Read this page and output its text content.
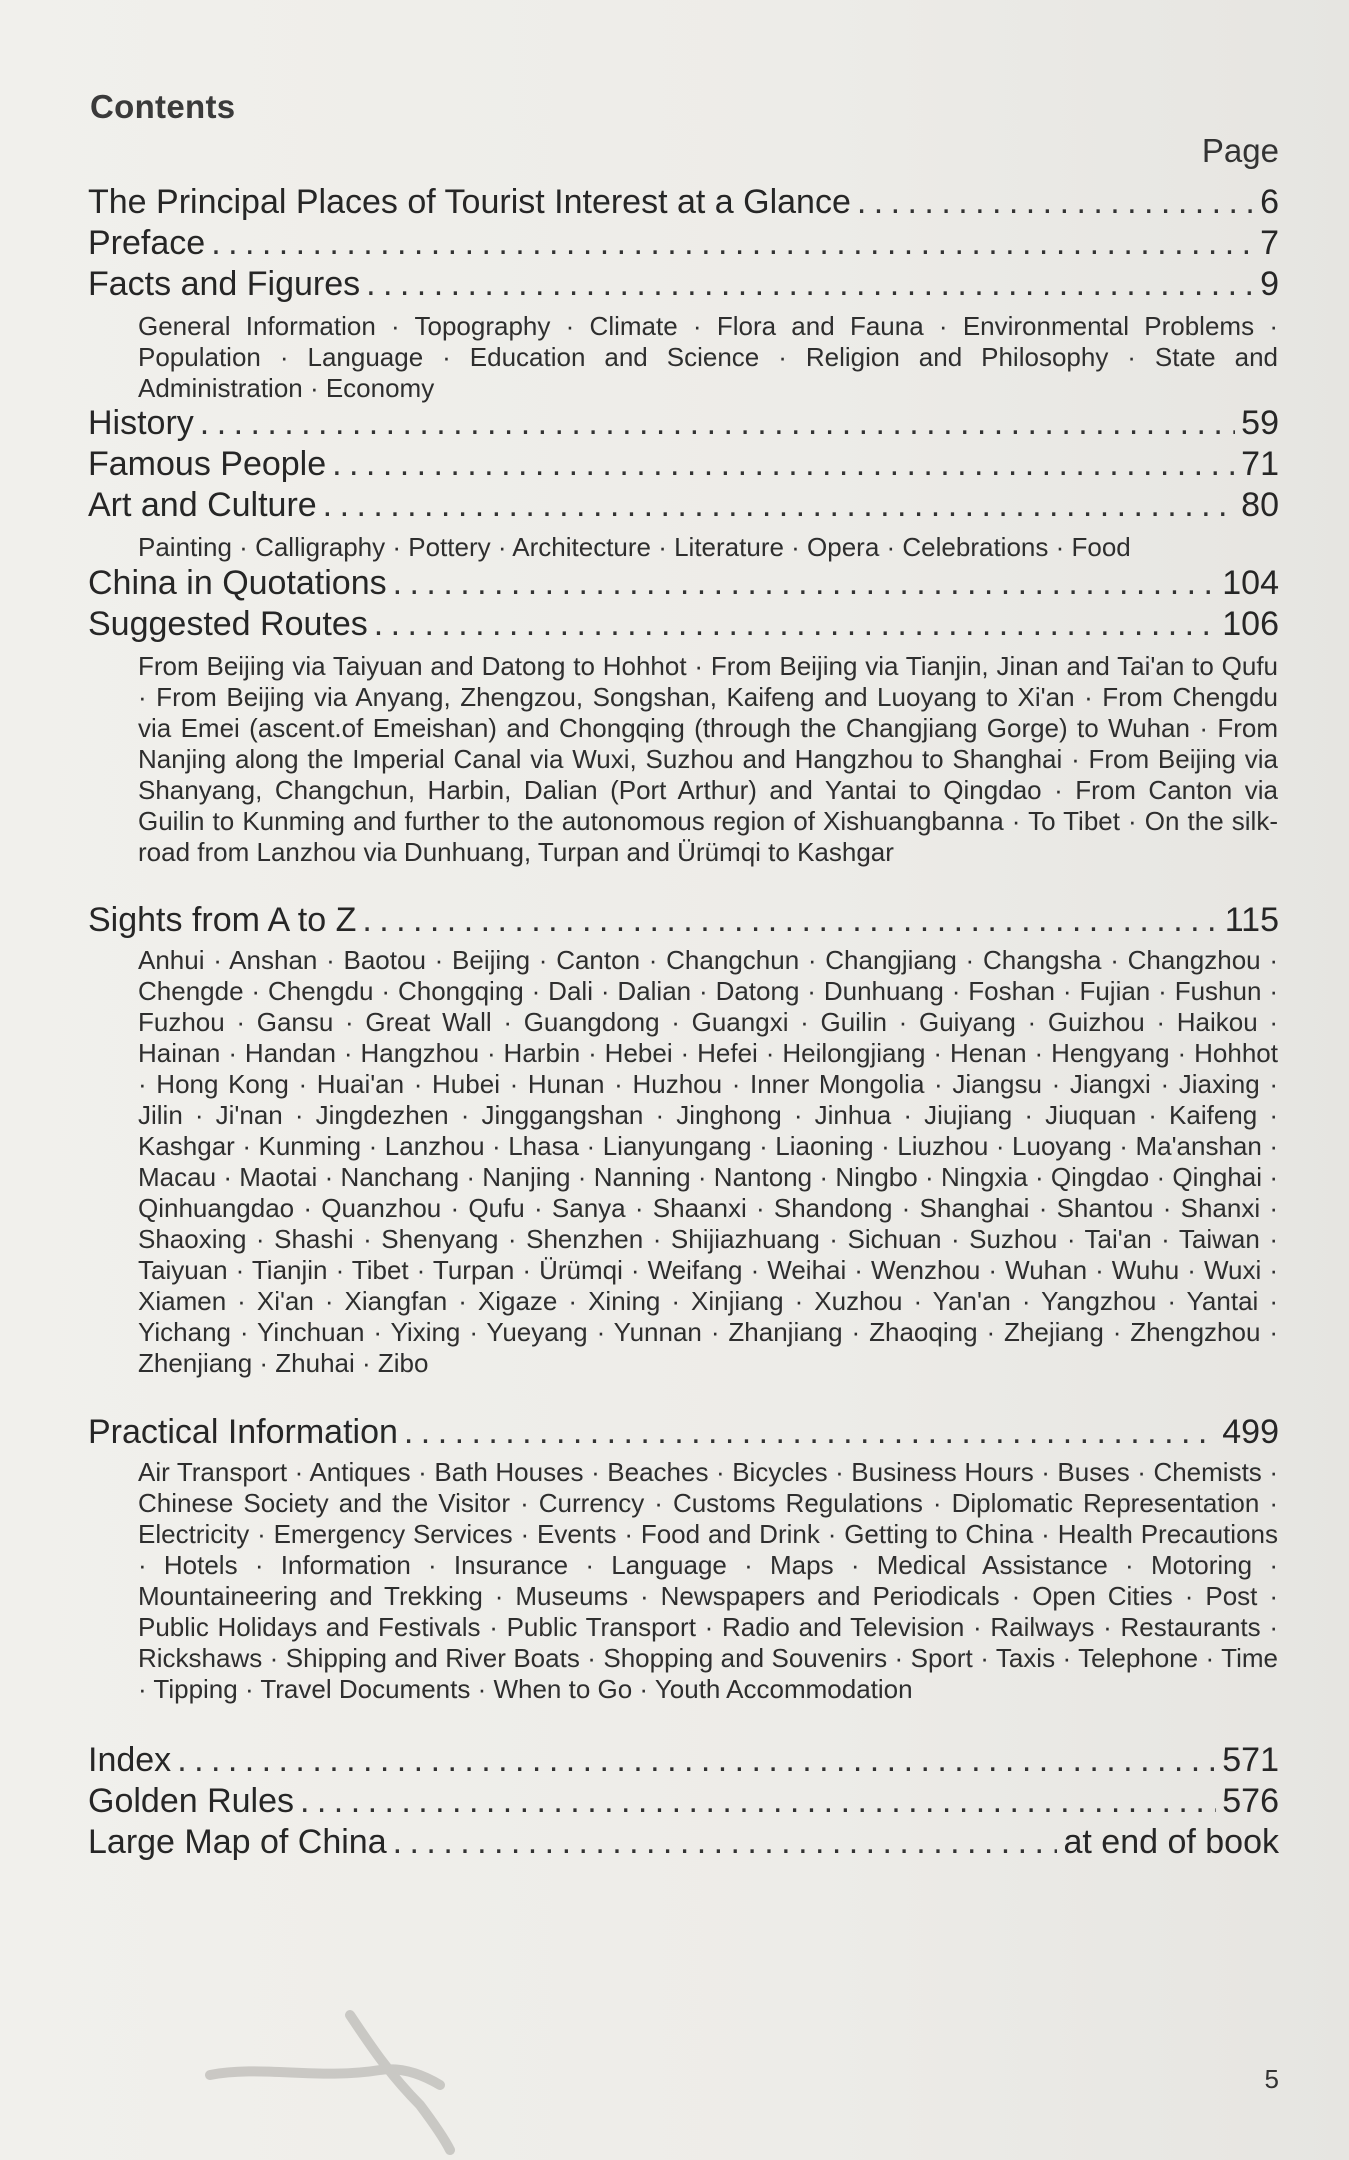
Contents
Page
The Principal Places of Tourist Interest at a Glance . . .	6
Preface . . .	7
Facts and Figures . . .	9
General Information · Topography · Climate · Flora and Fauna · Environmental Problems · Population · Language · Education and Science · Religion and Philosophy · State and Administration · Economy
History . . .	59
Famous People . . .	71
Art and Culture . . .	80
Painting · Calligraphy · Pottery · Architecture · Literature · Opera · Celebrations · Food
China in Quotations . . .	104
Suggested Routes . . .	106
From Beijing via Taiyuan and Datong to Hohhot · From Beijing via Tianjin, Jinan and Tai'an to Qufu · From Beijing via Anyang, Zhengzou, Songshan, Kaifeng and Luoyang to Xi'an · From Chengdu via Emei (ascent.of Emeishan) and Chongqing (through the Changjiang Gorge) to Wuhan · From Nanjing along the Imperial Canal via Wuxi, Suzhou and Hangzhou to Shanghai · From Beijing via Shanyang, Changchun, Harbin, Dalian (Port Arthur) and Yantai to Qingdao · From Canton via Guilin to Kunming and further to the autonomous region of Xishuangbanna · To Tibet · On the silk-road from Lanzhou via Dunhuang, Turpan and Ürümqi to Kashgar
Sights from A to Z . . .	115
Anhui · Anshan · Baotou · Beijing · Canton · Changchun · Changjiang · Changsha · Changzhou · Chengde · Chengdu · Chongqing · Dali · Dalian · Datong · Dunhuang · Foshan · Fujian · Fushun · Fuzhou · Gansu · Great Wall · Guangdong · Guangxi · Guilin · Guiyang · Guizhou · Haikou · Hainan · Handan · Hangzhou · Harbin · Hebei · Hefei · Heilongjiang · Henan · Hengyang · Hohhot · Hong Kong · Huai'an · Hubei · Hunan · Huzhou · Inner Mongolia · Jiangsu · Jiangxi · Jiaxing · Jilin · Ji'nan · Jingdezhen · Jinggangshan · Jinghong · Jinhua · Jiujiang · Jiuquan · Kaifeng · Kashgar · Kunming · Lanzhou · Lhasa · Lianyungang · Liaoning · Liuzhou · Luoyang · Ma'anshan · Macau · Maotai · Nanchang · Nanjing · Nanning · Nantong · Ningbo · Ningxia · Qingdao · Qinghai · Qinhuangdao · Quanzhou · Qufu · Sanya · Shaanxi · Shandong · Shanghai · Shantou · Shanxi · Shaoxing · Shashi · Shenyang · Shenzhen · Shijiazhuang · Sichuan · Suzhou · Tai'an · Taiwan · Taiyuan · Tianjin · Tibet · Turpan · Ürümqi · Weifang · Weihai · Wenzhou · Wuhan · Wuhu · Wuxi · Xiamen · Xi'an · Xiangfan · Xigaze · Xining · Xinjiang · Xuzhou · Yan'an · Yangzhou · Yantai · Yichang · Yinchuan · Yixing · Yueyang · Yunnan · Zhanjiang · Zhaoqing · Zhejiang · Zhengzhou · Zhenjiang · Zhuhai · Zibo
Practical Information . . .	499
Air Transport · Antiques · Bath Houses · Beaches · Bicycles · Business Hours · Buses · Chemists · Chinese Society and the Visitor · Currency · Customs Regulations · Diplomatic Representation · Electricity · Emergency Services · Events · Food and Drink · Getting to China · Health Precautions · Hotels · Information · Insurance · Language · Maps · Medical Assistance · Motoring · Mountaineering and Trekking · Museums · Newspapers and Periodicals · Open Cities · Post · Public Holidays and Festivals · Public Transport · Radio and Television · Railways · Restaurants · Rickshaws · Shipping and River Boats · Shopping and Souvenirs · Sport · Taxis · Telephone · Time · Tipping · Travel Documents · When to Go · Youth Accommodation
Index . . .	571
Golden Rules . . .	576
Large Map of China . . .	at end of book
5
